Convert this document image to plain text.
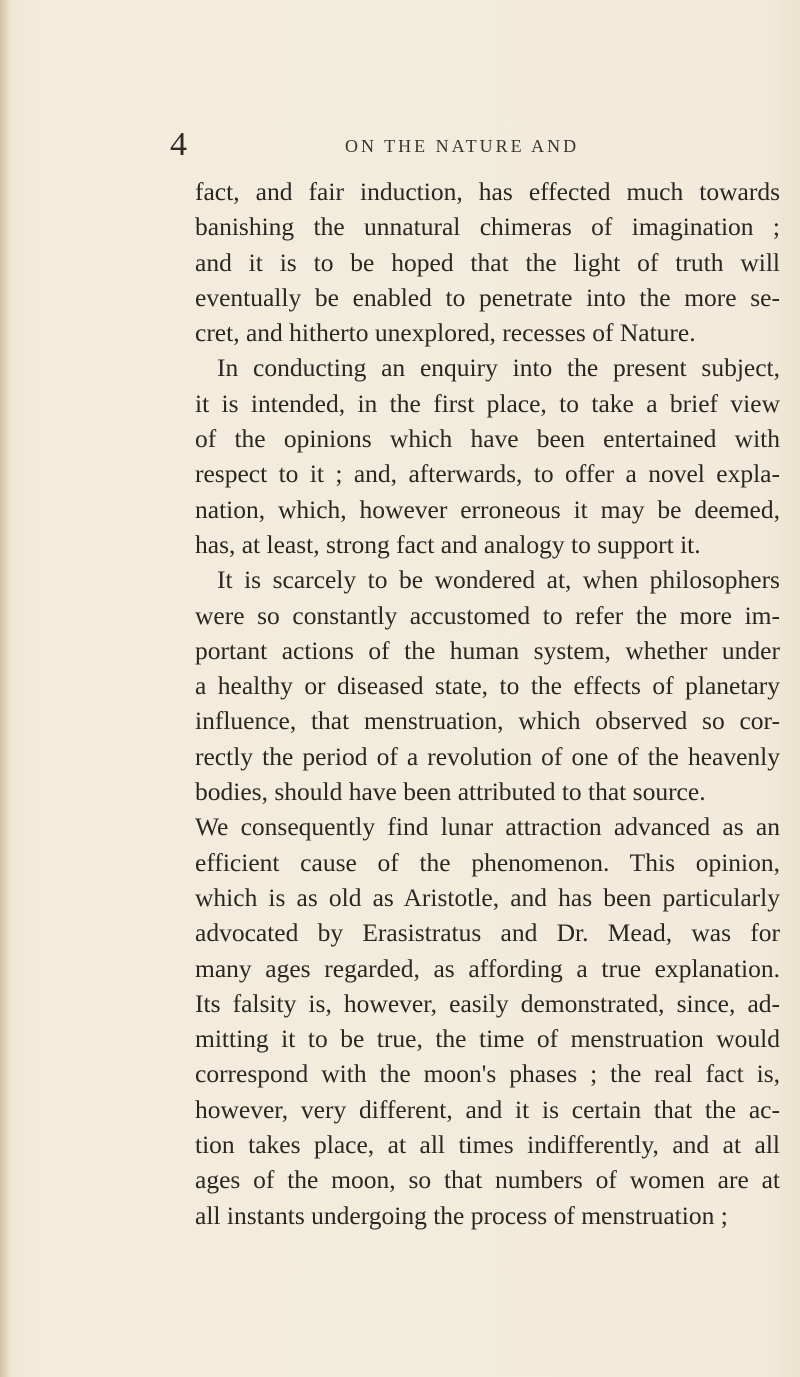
4	ON THE NATURE AND
fact, and fair induction, has effected much towards
banishing the unnatural chimeras of imagination ;
and it is to be hoped that the light of truth will
eventually be enabled to penetrate into the more se-
cret, and hitherto unexplored, recesses of Nature.
In conducting an enquiry into the present subject,
it is intended, in the first place, to take a brief view
of the opinions which have been entertained with
respect to it ; and, afterwards, to offer a novel expla-
nation, which, however erroneous it may be deemed,
has, at least, strong fact and analogy to support it.
It is scarcely to be wondered at, when philosophers
were so constantly accustomed to refer the more im-
portant actions of the human system, whether under
a healthy or diseased state, to the effects of planetary
influence, that menstruation, which observed so cor-
rectly the period of a revolution of one of the heavenly
bodies, should have been attributed to that source.
We consequently find lunar attraction advanced as an
efficient cause of the phenomenon. This opinion,
which is as old as Aristotle, and has been particularly
advocated by Erasistratus and Dr. Mead, was for
many ages regarded, as affording a true explanation.
Its falsity is, however, easily demonstrated, since, ad-
mitting it to be true, the time of menstruation would
correspond with the moon's phases ; the real fact is,
however, very different, and it is certain that the ac-
tion takes place, at all times indifferently, and at all
ages of the moon, so that numbers of women are at
all instants undergoing the process of menstruation ;
